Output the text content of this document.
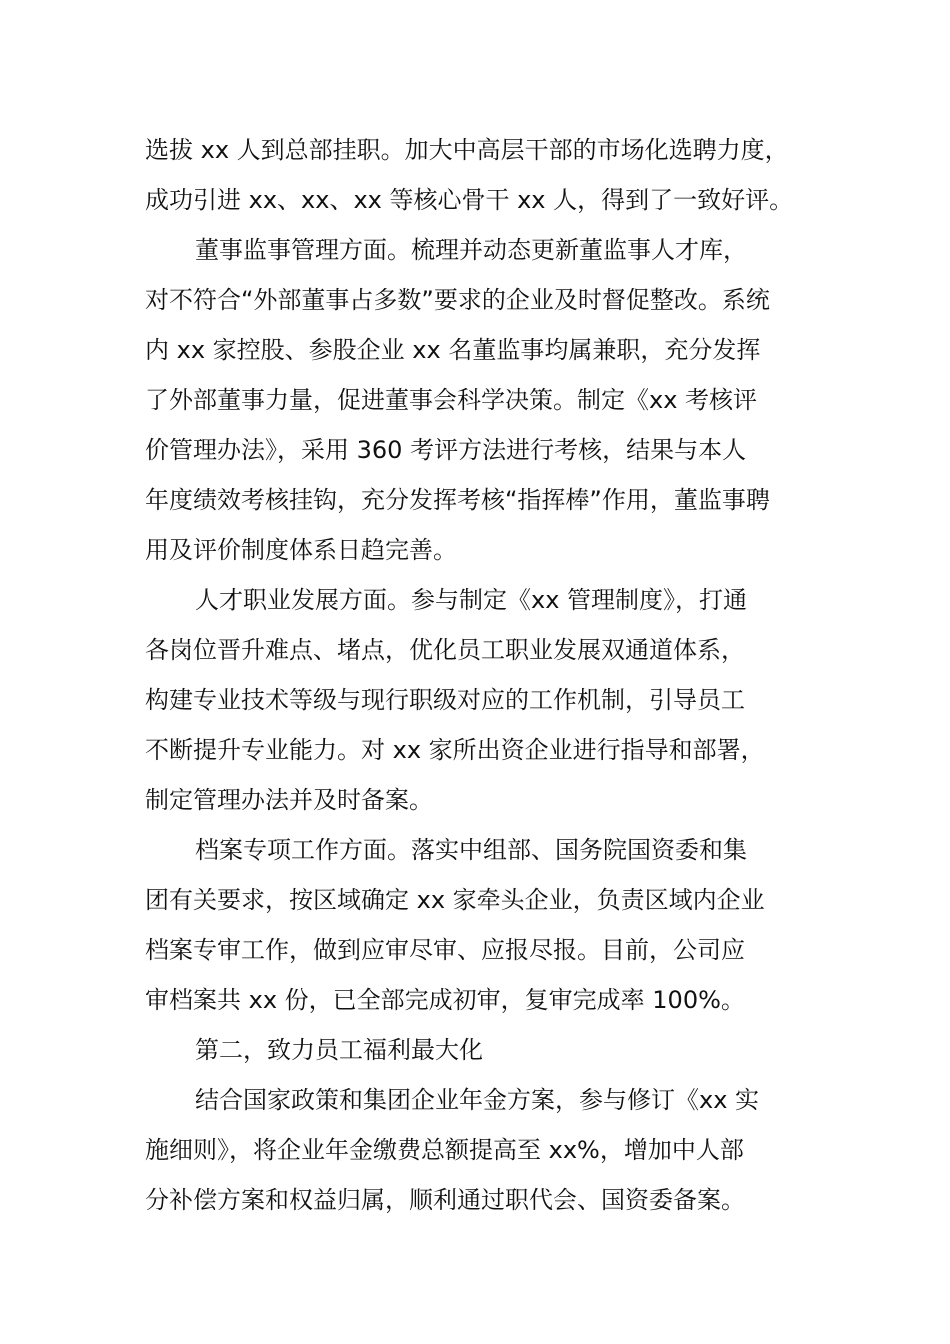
选拔 xx 人到总部挂职。加大中高层干部的市场化选聘力度，
成功引进 xx、xx、xx 等核心骨干 xx 人，得到了一致好评。
董事监事管理方面。梳理并动态更新董监事人才库，
对不符合“外部董事占多数”要求的企业及时督促整改。系统
内 xx 家控股、参股企业 xx 名董监事均属兼职，充分发挥
了外部董事力量，促进董事会科学决策。制定《xx 考核评
价管理办法》，采用 360 考评方法进行考核，结果与本人
年度绩效考核挂钩，充分发挥考核“指挥棒”作用，董监事聘
用及评价制度体系日趋完善。
人才职业发展方面。参与制定《xx 管理制度》，打通
各岗位晋升难点、堵点，优化员工职业发展双通道体系，
构建专业技术等级与现行职级对应的工作机制，引导员工
不断提升专业能力。对 xx 家所出资企业进行指导和部署，
制定管理办法并及时备案。
档案专项工作方面。落实中组部、国务院国资委和集
团有关要求，按区域确定 xx 家牵头企业，负责区域内企业
档案专审工作，做到应审尽审、应报尽报。目前，公司应
审档案共 xx 份，已全部完成初审，复审完成率 100%。
第二，致力员工福利最大化
结合国家政策和集团企业年金方案，参与修订《xx 实
施细则》，将企业年金缴费总额提高至 xx%，增加中人部
分补偿方案和权益归属，顺利通过职代会、国资委备案。
